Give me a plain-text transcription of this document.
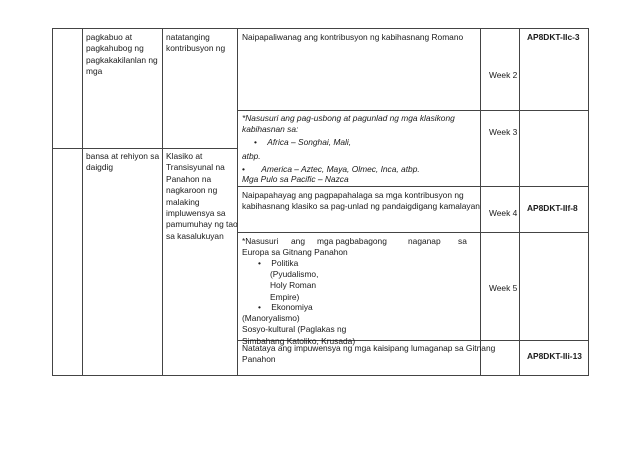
pagkabuo at
pagkahubog ng
pagkakakilanlan ng
mga
bansa at rehiyon sa
daigdig
natatanging
kontribusyon ng
Klasiko at
Transisyunal na
Panahon na
nagkaroon ng
malaking
impluwensya sa
pamumuhay ng tao
sa kasalukuyan
Naipapaliwanag ang kontribusyon ng kabihasnang Romano
Week 2
AP8DKT-IIc-3
*Nasusuri ang pag-usbong at pagunlad ng mga klasikong
kabihasnan sa:
• Africa – Songhai, Mali,
atbp.
• America – Aztec, Maya, Olmec, Inca, atbp.
Mga Pulo sa Pacific – Nazca
Week 3
Naipapahayag ang pagpapahalaga sa mga kontribusyon ng
kabihasnang klasiko sa pag-unlad ng pandaigdigang kamalayan
Week 4 AP8DKT-IIf-8
*Nasusuri ang mga pagbabagong	naganap sa
Europa sa Gitnang Panahon
• Politika
(Pyudalismo,
Holy Roman
Empire)
• Ekonomiya
(Manoryalismo)
Sosyo-kultural (Paglakas ng
Simbahang Katoliko, Krusada)
Week 5
Natataya ang impuwensya ng mga kaisipang lumaganap sa Gitnang
Panahon	AP8DKT-IIi-13
